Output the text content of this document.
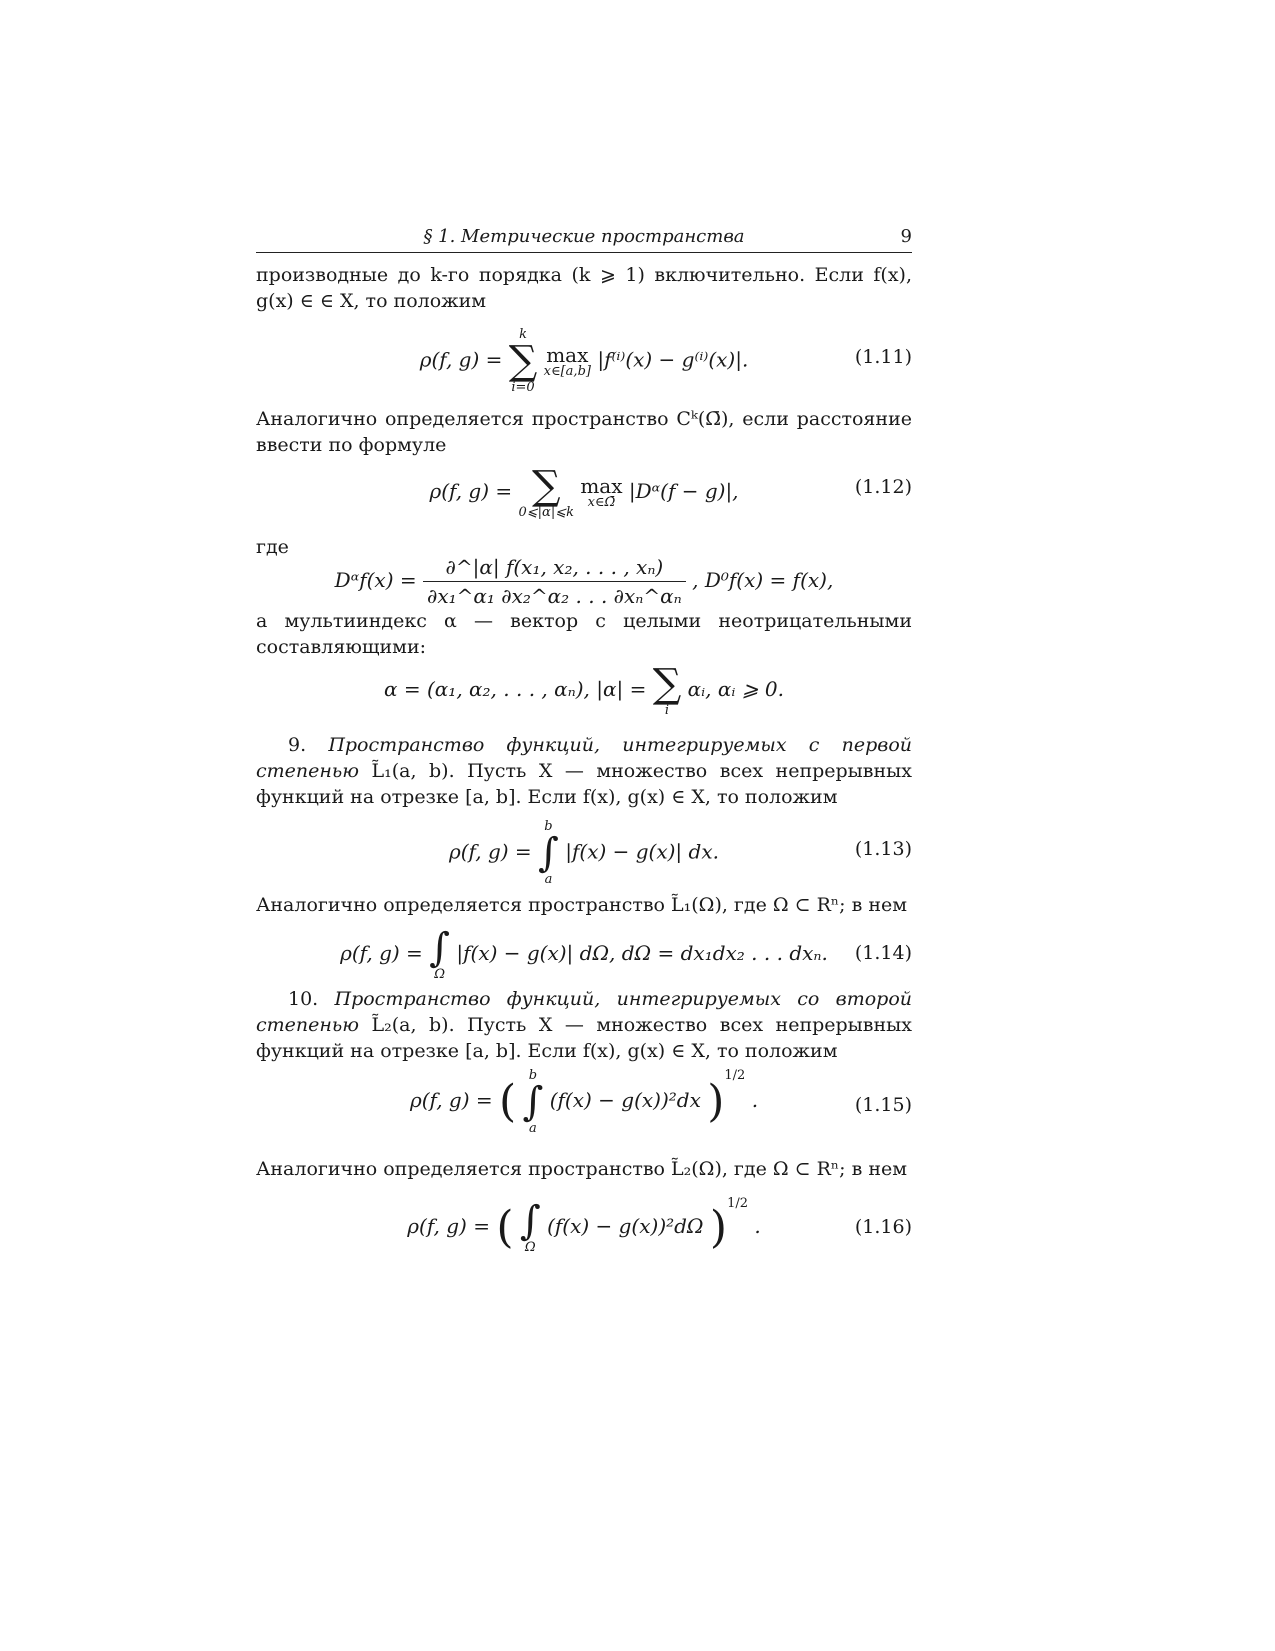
§ 1. Метрические пространства	9
производные до k-го порядка (k ⩾ 1) включительно. Если f(x), g(x) ∈ ∈ X, то положим
ρ(f, g) =
k
∑
i=0
max
x∈[a,b] |f⁽ⁱ⁾(x) − g⁽ⁱ⁾(x)|.	(1.11)
Аналогично определяется пространство Cᵏ(Ω̄), если расстояние ввести по формуле
ρ(f, g) = ∑
0⩽|α|⩽k
max
x∈Ω̄ |Dᵅ(f − g)|,	(1.12)
где
Dᵅf(x) = $\frac{\text{∂\textasciicircum{}|α| f(x₁, x₂, . . . , xₙ)}}{\text{∂x₁\textasciicircum{}α₁ ∂x₂\textasciicircum{}α₂ . . . ∂xₙ\textasciicircum{}αₙ}}$ , D⁰f(x) = f(x),
а мультииндекс α — вектор с целыми неотрицательными составляющими:
α = (α₁, α₂, . . . , αₙ), |α| = ∑
i
αᵢ, αᵢ ⩾ 0.
9. Пространство функций, интегрируемых с первой степенью L̃₁(a, b). Пусть X — множество всех непрерывных функций на отрезке [a, b]. Если f(x), g(x) ∈ X, то положим
ρ(f, g) =
b
∫
a
|f(x) − g(x)| dx.	(1.13)
Аналогично определяется пространство L̃₁(Ω), где Ω ⊂ Rⁿ; в нем
ρ(f, g) = ∫
Ω
|f(x) − g(x)| dΩ, dΩ = dx₁dx₂ . . . dxₙ.	(1.14)
10. Пространство функций, интегрируемых со второй степенью L̃₂(a, b). Пусть X — множество всех непрерывных функций на отрезке [a, b]. Если f(x), g(x) ∈ X, то положим
ρ(f, g) = (
b
∫
a
(f(x) − g(x))²dx )$^{1/2}$ .	(1.15)
Аналогично определяется пространство L̃₂(Ω), где Ω ⊂ Rⁿ; в нем
ρ(f, g) = ( ∫
Ω
(f(x) − g(x))²dΩ )$^{1/2}$ .	(1.16)
